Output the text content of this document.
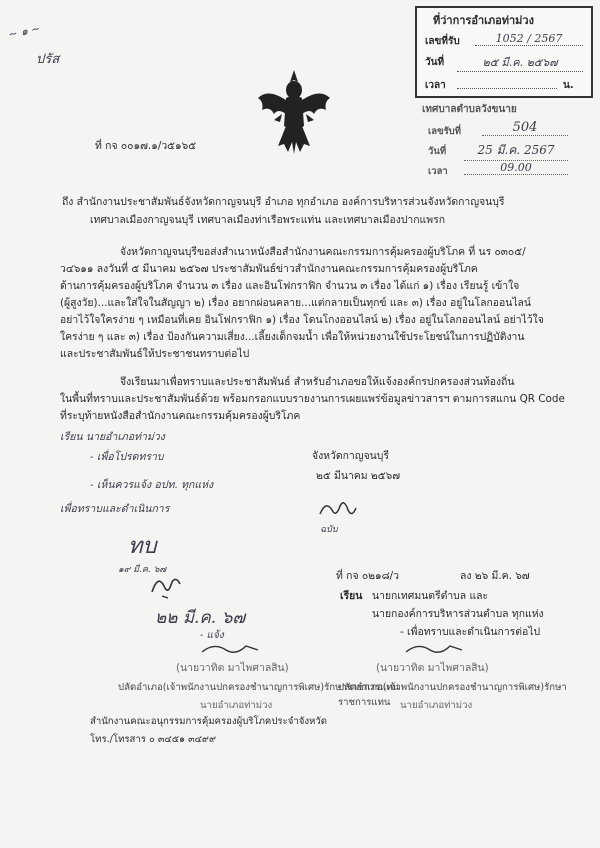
~ ๑ ~
ปรัส
ที่ว่าการอำเภอท่าม่วง
เลขที่รับ	1052 / 2567
วันที่	๒๕ มี.ค. ๒๕๖๗
เวลา	น.
เทศบาลตำบลวังขนาย
เลขรับที่	504
วันที่	25 มี.ค. 2567
เวลา	09.00
ที่ กจ ๐๐๑๗.๑/ว๕๑๖๕
ถึง สำนักงานประชาสัมพันธ์จังหวัดกาญจนบุรี อำเภอ ทุกอำเภอ องค์การบริหารส่วนจังหวัดกาญจนบุรี
เทศบาลเมืองกาญจนบุรี เทศบาลเมืองท่าเรือพระแท่น และเทศบาลเมืองปากแพรก
จังหวัดกาญจนบุรีขอส่งสำเนาหนังสือสำนักงานคณะกรรมการคุ้มครองผู้บริโภค ที่ นร ๐๓๐๕/
ว๔๖๑๑ ลงวันที่ ๕ มีนาคม ๒๕๖๗ ประชาสัมพันธ์ข่าวสำนักงานคณะกรรมการคุ้มครองผู้บริโภค
ด้านการคุ้มครองผู้บริโภค จำนวน ๓ เรื่อง และอินโฟกราฟิก จำนวน ๓ เรื่อง ได้แก่ ๑) เรื่อง เรียนรู้ เข้าใจ
(ผู้สูงวัย)...และใส่ใจในสัญญา ๒) เรื่อง อยากผ่อนคลาย...แต่กลายเป็นทุกข์ และ ๓) เรื่อง อยู่ในโลกออนไลน์
อย่าไว้ใจใครง่าย ๆ เหมือนที่เคย อินโฟกราฟิก ๑) เรื่อง โดนโกงออนไลน์ ๒) เรื่อง อยู่ในโลกออนไลน์ อย่าไว้ใจ
ใครง่าย ๆ และ ๓) เรื่อง ป้องกันความเสี่ยง...เลี้ยงเด็กจมน้ำ เพื่อให้หน่วยงานใช้ประโยชน์ในการปฏิบัติงาน
และประชาสัมพันธ์ให้ประชาชนทราบต่อไป
จึงเรียนมาเพื่อทราบและประชาสัมพันธ์ สำหรับอำเภอขอให้แจ้งองค์กรปกครองส่วนท้องถิ่น
ในพื้นที่ทราบและประชาสัมพันธ์ด้วย พร้อมกรอกแบบรายงานการเผยแพร่ข้อมูลข่าวสารฯ ตามการสแกน QR Code
ที่ระบุท้ายหนังสือสำนักงานคณะกรรมคุ้มครองผู้บริโภค
เรียน นายอำเภอท่าม่วง
- เพื่อโปรดทราบ
- เห็นควรแจ้ง อปท. ทุกแห่ง
เพื่อทราบและดำเนินการ
ทบ
๑๙ มี.ค. ๖๗
๒๒ มี.ค. ๖๗
- แจ้ง
จังหวัดกาญจนบุรี
๒๕ มีนาคม ๒๕๖๗
ฉบับ
ที่ กจ ๐๒๑๘/ว	ลง ๒๖ มี.ค. ๖๗
เรียน นายกเทศมนตรีตำบล และ
นายกองค์การบริหารส่วนตำบล ทุกแห่ง
- เพื่อทราบและดำเนินการต่อไป
(นายวาทิต มาไพศาลสิน)
ปลัดอำเภอ(เจ้าพนักงานปกครองชำนาญการพิเศษ)รักษาราชการแทน
นายอำเภอท่าม่วง
(นายวาทิต มาไพศาลสิน)
ปลัดอำเภอ(เจ้าพนักงานปกครองชำนาญการพิเศษ)รักษาราชการแทน นายอำเภอท่าม่วง
สำนักงานคณะอนุกรรมการคุ้มครองผู้บริโภคประจำจังหวัด
โทร./โทรสาร ๐ ๓๔๕๑ ๓๔๙๙
